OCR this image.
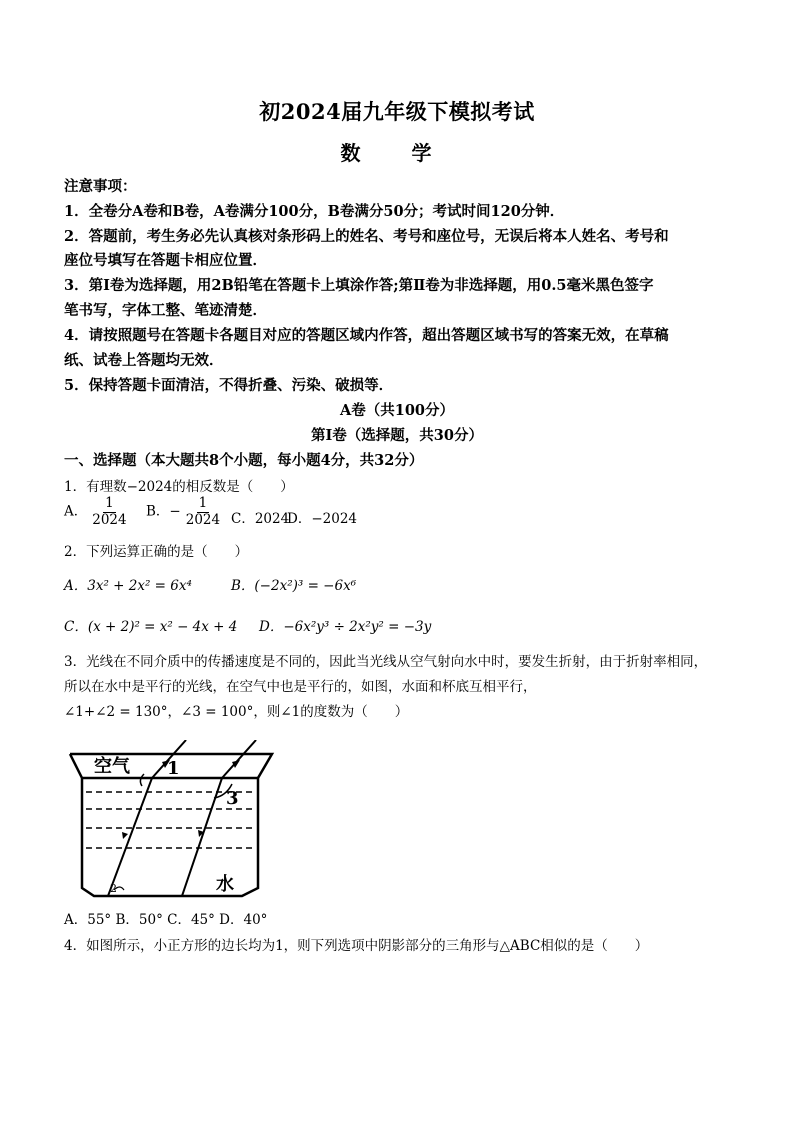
初2024届九年级下模拟考试
数 学
注意事项：
1．全卷分A卷和B卷，A卷满分100分，B卷满分50分；考试时间120分钟．
2．答题前，考生务必先认真核对条形码上的姓名、考号和座位号，无误后将本人姓名、考号和
座位号填写在答题卡相应位置．
3．第Ⅰ卷为选择题，用2B铅笔在答题卡上填涂作答;第Ⅱ卷为非选择题，用0.5毫米黑色签字
笔书写，字体工整、笔迹清楚．
4．请按照题号在答题卡各题目对应的答题区域内作答，超出答题区域书写的答案无效，在草稿
纸、试卷上答题均无效．
5．保持答题卡面清洁，不得折叠、污染、破损等．
A卷（共100分）
第Ⅰ卷（选择题，共30分）
一、选择题（本大题共8个小题，每小题4分，共32分）
1．有理数−2024的相反数是（　　）
A． $\frac{1}{2024}$ B．− $\frac{1}{2024}$ C．2024
D．−2024
2．下列运算正确的是（　　）
A．3x² + 2x² = 6x⁴	B．(−2x²)³ = −6x⁶
C．(x + 2)² = x² − 4x + 4 D．−6x²y³ ÷ 2x²y² = −3y
3．光线在不同介质中的传播速度是不同的，因此当光线从空气射向水中时，要发生折射，由于折射率相同，
所以在水中是平行的光线，在空气中也是平行的，如图，水面和杯底互相平行，
∠1+∠2 = 130°，∠3 = 100°，则∠1的度数为（　　）
空气 1
3
2	水
A．55° B．50° C．45° D．40°
4．如图所示，小正方形的边长均为1，则下列选项中阴影部分的三角形与△ABC相似的是（　　）
